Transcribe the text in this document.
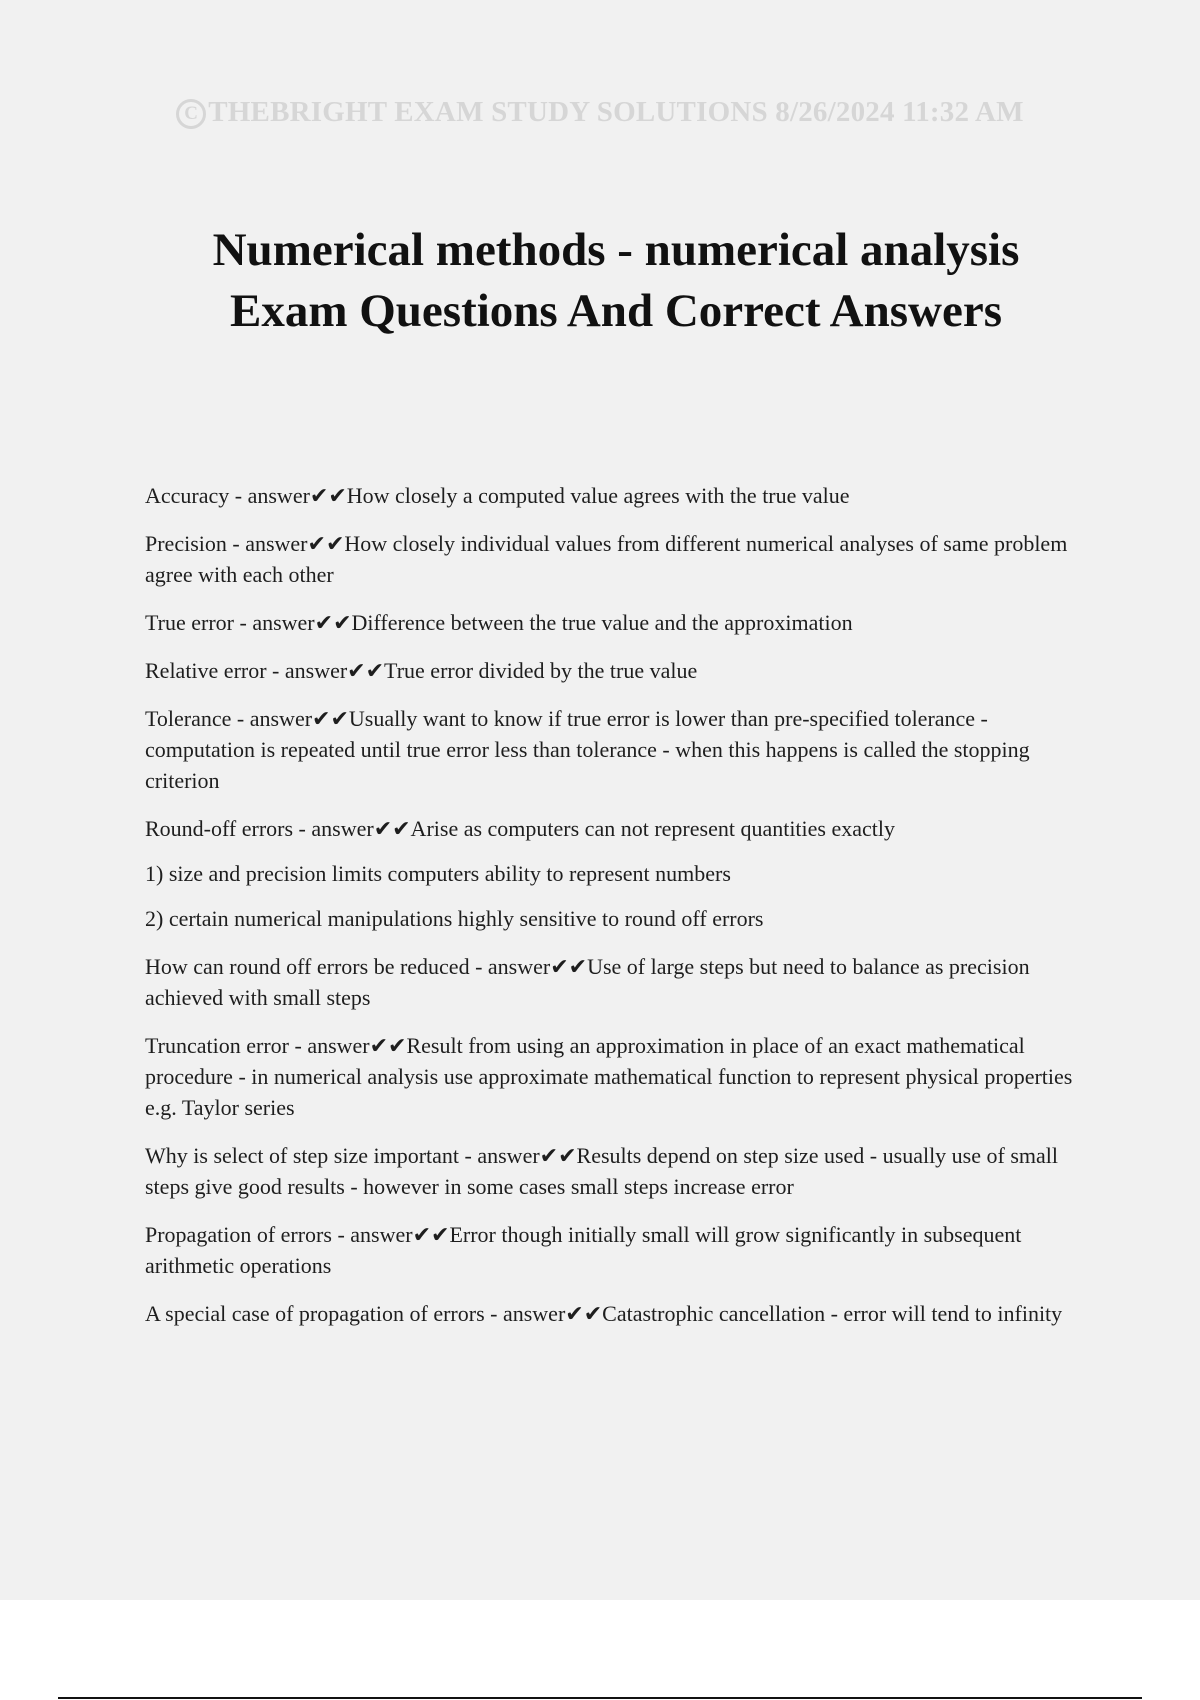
C THEBRIGHT EXAM STUDY SOLUTIONS 8/26/2024 11:32 AM
Numerical methods - numerical analysis
Exam Questions And Correct Answers
Accuracy - answer✔✔How closely a computed value agrees with the true value
Precision - answer✔✔How closely individual values from different numerical analyses of same problem agree with each other
True error - answer✔✔Difference between the true value and the approximation
Relative error - answer✔✔True error divided by the true value
Tolerance - answer✔✔Usually want to know if true error is lower than pre-specified tolerance - computation is repeated until true error less than tolerance - when this happens is called the stopping criterion
Round-off errors - answer✔✔Arise as computers can not represent quantities exactly
1) size and precision limits computers ability to represent numbers
2) certain numerical manipulations highly sensitive to round off errors
How can round off errors be reduced - answer✔✔Use of large steps but need to balance as precision achieved with small steps
Truncation error - answer✔✔Result from using an approximation in place of an exact mathematical procedure - in numerical analysis use approximate mathematical function to represent physical properties e.g. Taylor series
Why is select of step size important - answer✔✔Results depend on step size used - usually use of small steps give good results - however in some cases small steps increase error
Propagation of errors - answer✔✔Error though initially small will grow significantly in subsequent arithmetic operations
A special case of propagation of errors - answer✔✔Catastrophic cancellation - error will tend to infinity
